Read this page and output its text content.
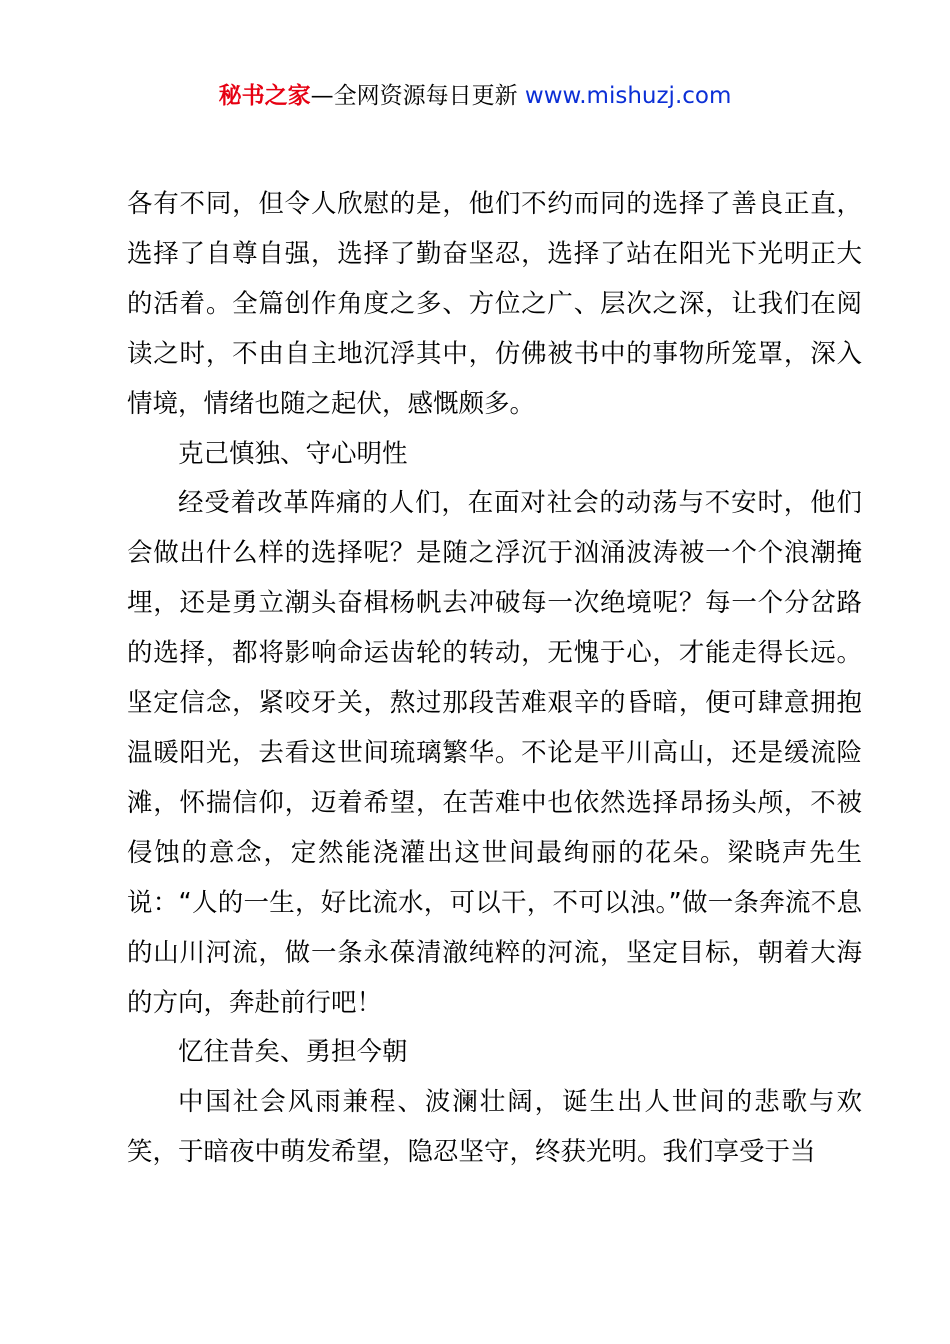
秘书之家—全网资源每日更新 www.mishuzj.com

各有不同，但令人欣慰的是，他们不约而同的选择了善良正直，选择了自尊自强，选择了勤奋坚忍，选择了站在阳光下光明正大的活着。全篇创作角度之多、方位之广、层次之深，让我们在阅读之时，不由自主地沉浮其中，仿佛被书中的事物所笼罩，深入情境，情绪也随之起伏，感慨颇多。

克己慎独、守心明性

经受着改革阵痛的人们，在面对社会的动荡与不安时，他们会做出什么样的选择呢？是随之浮沉于汹涌波涛被一个个浪潮掩埋，还是勇立潮头奋楫杨帆去冲破每一次绝境呢？每一个分岔路的选择，都将影响命运齿轮的转动，无愧于心，才能走得长远。坚定信念，紧咬牙关，熬过那段苦难艰辛的昏暗，便可肆意拥抱温暖阳光，去看这世间琉璃繁华。不论是平川高山，还是缓流险滩，怀揣信仰，迈着希望，在苦难中也依然选择昂扬头颅，不被侵蚀的意念，定然能浇灌出这世间最绚丽的花朵。梁晓声先生说：“人的一生，好比流水，可以干，不可以浊。”做一条奔流不息的山川河流，做一条永葆清澈纯粹的河流，坚定目标，朝着大海的方向，奔赴前行吧！

忆往昔矣、勇担今朝

中国社会风雨兼程、波澜壮阔，诞生出人世间的悲歌与欢笑，于暗夜中萌发希望，隐忍坚守，终获光明。我们享受于当
